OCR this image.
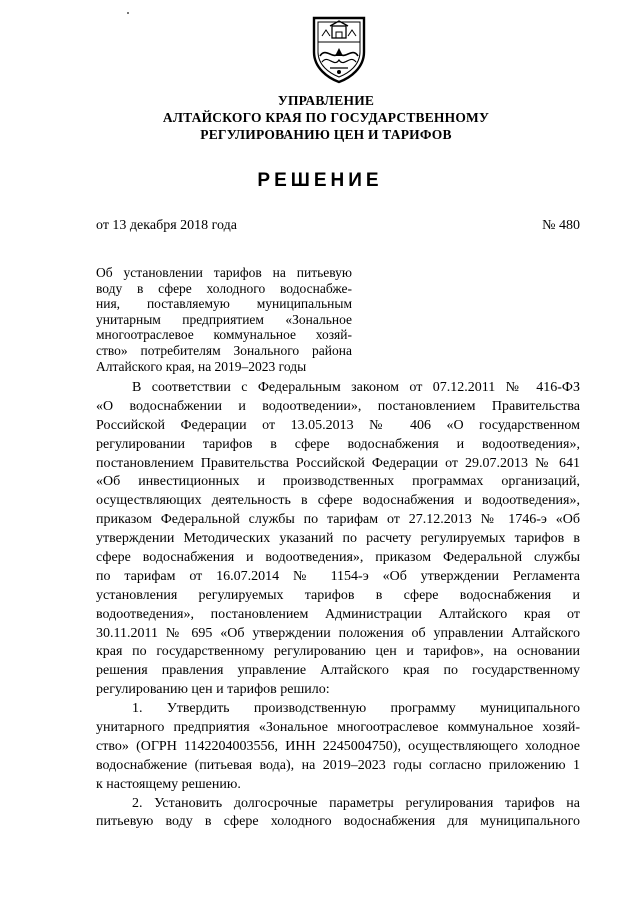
УПРАВЛЕНИЕ
АЛТАЙСКОГО КРАЯ ПО ГОСУДАРСТВЕННОМУ
РЕГУЛИРОВАНИЮ ЦЕН И ТАРИФОВ
РЕШЕНИЕ
от 13 декабря 2018 года	№ 480
Об установлении тарифов на питьевую
воду в сфере холодного водоснабже-
ния, поставляемую муниципальным
унитарным предприятием «Зональное
многоотраслевое коммунальное хозяй-
ство» потребителям Зонального района
Алтайского края, на 2019–2023 годы
В соответствии с Федеральным законом от 07.12.2011 № 416-ФЗ
«О водоснабжении и водоотведении», постановлением Правительства
Российской Федерации от 13.05.2013 № 406 «О государственном
регулировании тарифов в сфере водоснабжения и водоотведения»,
постановлением Правительства Российской Федерации от 29.07.2013 № 641
«Об инвестиционных и производственных программах организаций,
осуществляющих деятельность в сфере водоснабжения и водоотведения»,
приказом Федеральной службы по тарифам от 27.12.2013 № 1746-э «Об
утверждении Методических указаний по расчету регулируемых тарифов в
сфере водоснабжения и водоотведения», приказом Федеральной службы
по тарифам от 16.07.2014 № 1154-э «Об утверждении Регламента
установления регулируемых тарифов в сфере водоснабжения и
водоотведения», постановлением Администрации Алтайского края от
30.11.2011 № 695 «Об утверждении положения об управлении Алтайского
края по государственному регулированию цен и тарифов», на основании
решения правления управление Алтайского края по государственному
регулированию цен и тарифов решило:
1. Утвердить производственную программу муниципального
унитарного предприятия «Зональное многоотраслевое коммунальное хозяй-
ство» (ОГРН 1142204003556, ИНН 2245004750), осуществляющего холодное
водоснабжение (питьевая вода), на 2019–2023 годы согласно приложению 1
к настоящему решению.
2. Установить долгосрочные параметры регулирования тарифов на
питьевую воду в сфере холодного водоснабжения для муниципального
